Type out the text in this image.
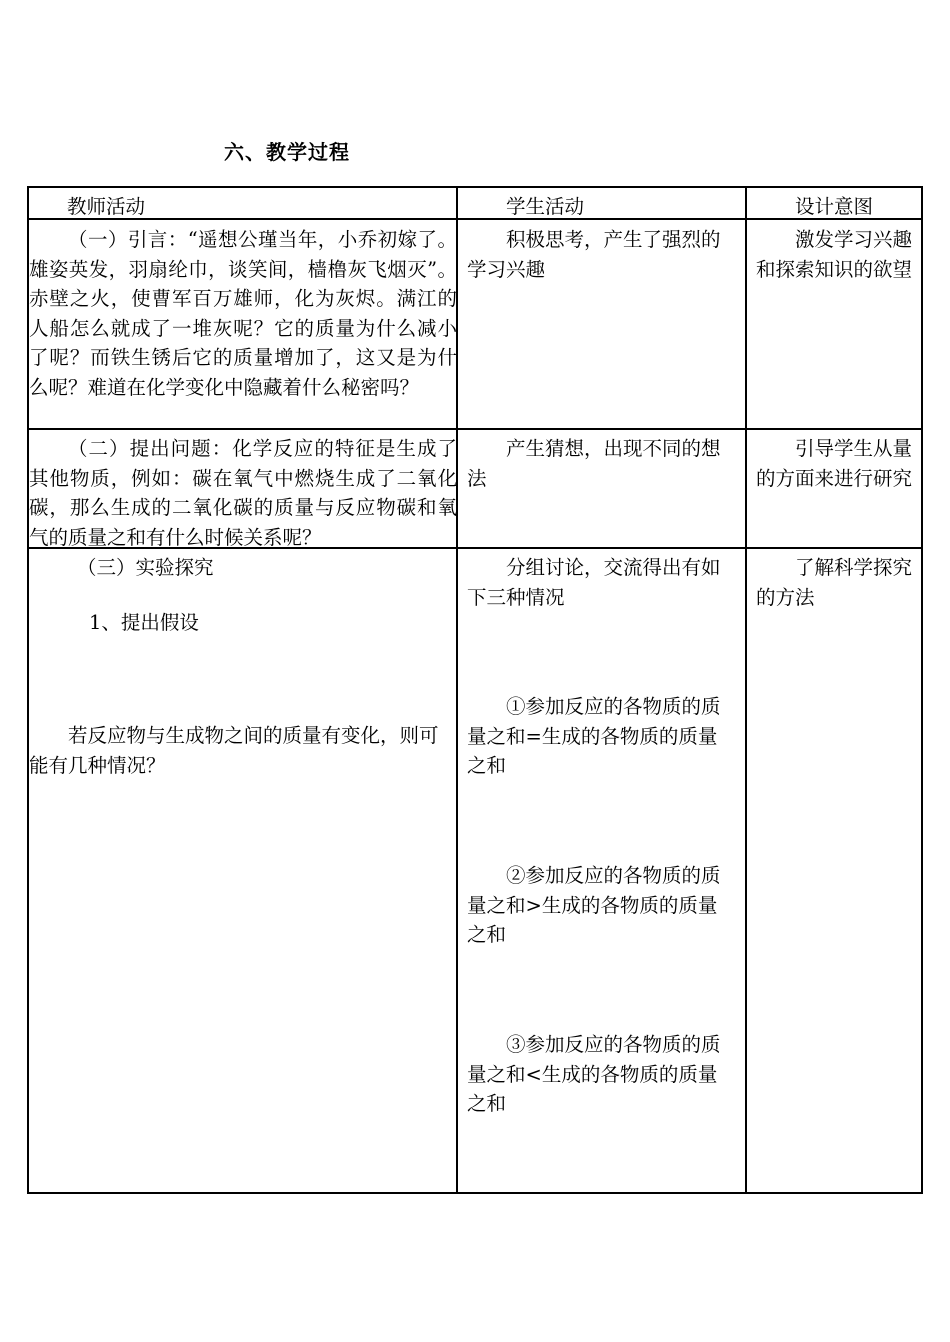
六、教学过程
教师活动	学生活动	设计意图
（一）引言：“遥想公瑾当年，小乔初嫁了。雄姿英发，羽扇纶巾，谈笑间，樯橹灰飞烟灭”。赤壁之火，使曹军百万雄师，化为灰烬。满江的人船怎么就成了一堆灰呢？它的质量为什么减小了呢？而铁生锈后它的质量增加了，这又是为什么呢？难道在化学变化中隐藏着什么秘密吗？
积极思考，产生了强烈的学习兴趣
激发学习兴趣和探索知识的欲望
（二）提出问题：化学反应的特征是生成了其他物质，例如：碳在氧气中燃烧生成了二氧化碳，那么生成的二氧化碳的质量与反应物碳和氧气的质量之和有什么时候关系呢？
产生猜想，出现不同的想法
引导学生从量的方面来进行研究
（三）实验探究
1、提出假设
若反应物与生成物之间的质量有变化，则可能有几种情况？
分组讨论，交流得出有如下三种情况
①参加反应的各物质的质量之和=生成的各物质的质量之和
②参加反应的各物质的质量之和>生成的各物质的质量之和
③参加反应的各物质的质量之和<生成的各物质的质量之和
了解科学探究的方法
